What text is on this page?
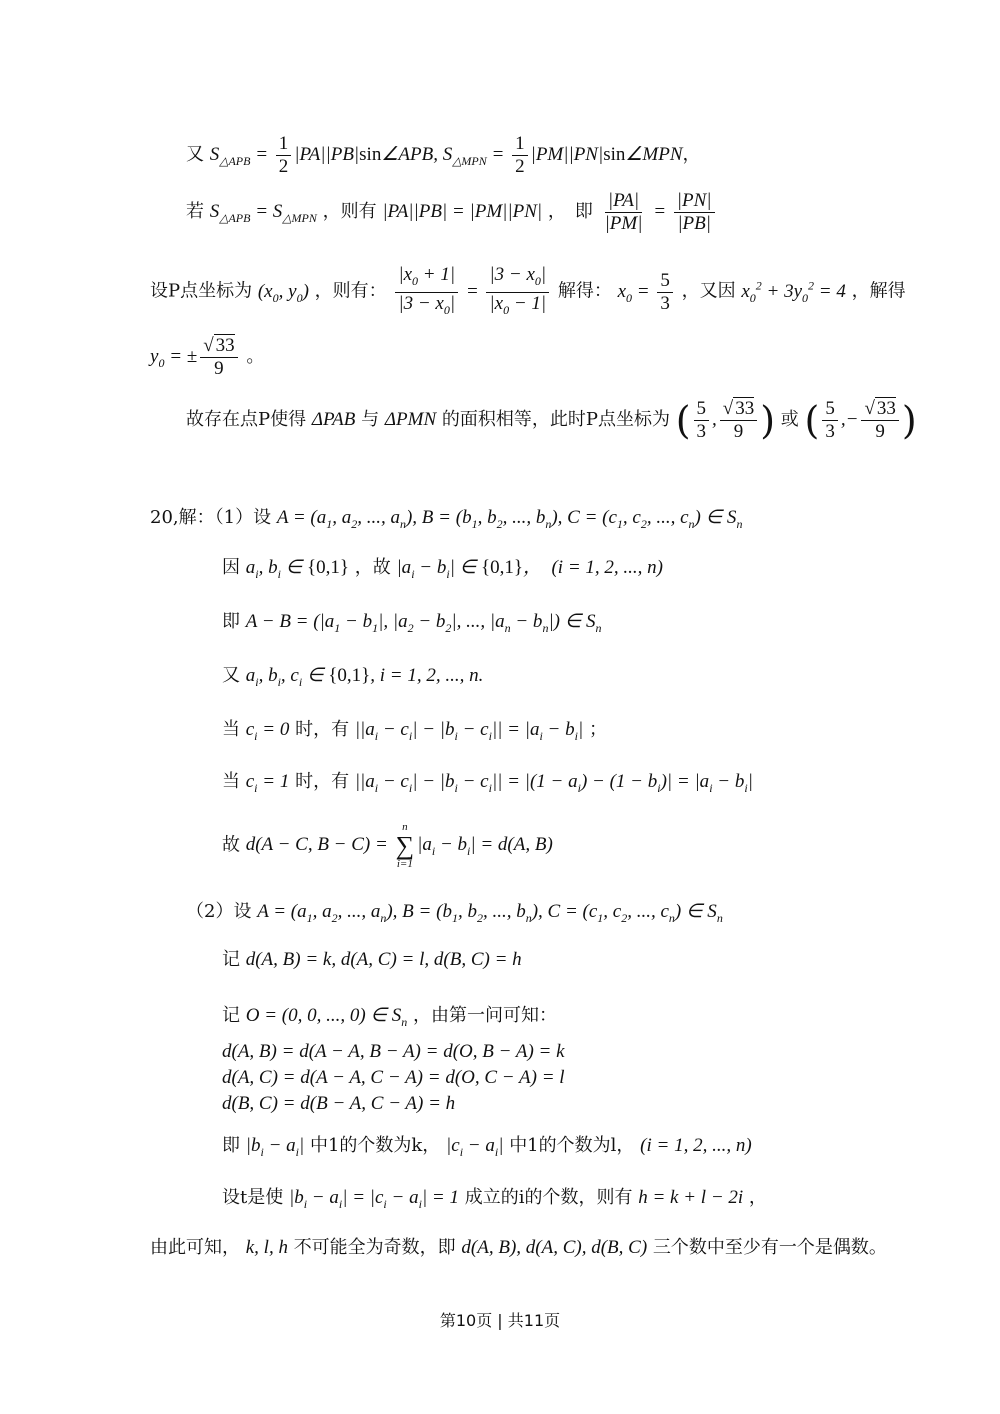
又 $S_{\triangle APB} = \frac{1}{2}$ |PA||PB|sin∠APB, $S_{\triangle MPN} = \frac{1}{2}$ |PM||PN|sin∠MPN，
若 $S_{\triangle APB} = S_{\triangle MPN}$ ，则有 |PA||PB| = |PM||PN| ，　即 $\frac{|PA|}{|PM|} = \frac{|PN|}{|PB|}$
设P点坐标为 ($x_0$, $y_0$) ，则有： $\frac{|x_0 + 1|}{|3 - x_0|} = \frac{|3 - x_0|}{|x_0 - 1|}$ 解得： $x_0 = \frac{5}{3}$ ，又因 $x_0^2 + 3y_0^2 = 4$ ，解得
$y_0$ = ± $\frac{√ 33}{9}$ 。
故存在点P使得 ΔPAB 与 ΔPMN 的面积相等，此时P点坐标为 ( $\frac{5}{3}$ , $\frac{√ 33}{9}$ ) 或 ( $\frac{5}{3}$ ,− $\frac{√ 33}{9}$ )
20,解：（1）设 $A = (a_1$, $a_2$, ..., $a_n$), $B = (b_1$, $b_2$, ..., $b_n$), $C = (c_1$, $c_2$, ..., $c_n$) ∈ $S_n$
因 $a_i$, $b_i$ ∈ {0,1} ，故 $|a_i - b_i|$ ∈ {0,1}，　(i = 1, 2, ..., n)
即 $A - B = (|a_1 - b_1|$, $|a_2 - b_2|$, ..., $|a_n - b_n|$) ∈ $S_n$
又 $a_i$, $b_i$, $c_i$ ∈ {0,1}, i = 1, 2, ..., n.
当 $c_i = 0$ 时，有 $||a_i - c_i| - |b_i - c_i|| = |a_i - b_i|$ ；
当 $c_i = 1$ 时，有 $||a_i - c_i| - |b_i - c_i|| = |(1 - a_i) - (1 - b_i)| = |a_i - b_i|$
故 d(A − C, B − C) =
n
∑
i=1
$|a_i - b_i| = d(A$, B)
（2）设 $A = (a_1$, $a_2$, ..., $a_n$), $B = (b_1$, $b_2$, ..., $b_n$), $C = (c_1$, $c_2$, ..., $c_n$) ∈ $S_n$
记 d(A, B) = k, d(A, C) = l, d(B, C) = h
记 O = (0, 0, ..., 0) ∈ $S_n$ ，由第一问可知：
d(A, B) = d(A − A, B − A) = d(O, B − A) = k
d(A, C) = d(A − A, C − A) = d(O, C − A) = l
d(B, C) = d(B − A, C − A) = h
即 $|b_i - a_i|$ 中1的个数为k， $|c_i - a_i|$ 中1的个数为l， (i = 1, 2, ..., n)
设t是使 $|b_i - a_i| = |c_i - a_i| = 1$ 成立的i的个数，则有 h = k + l − 2i ，
由此可知， k, l, h 不可能全为奇数，即 d(A, B), d(A, C), d(B, C) 三个数中至少有一个是偶数。
第10页 | 共11页
